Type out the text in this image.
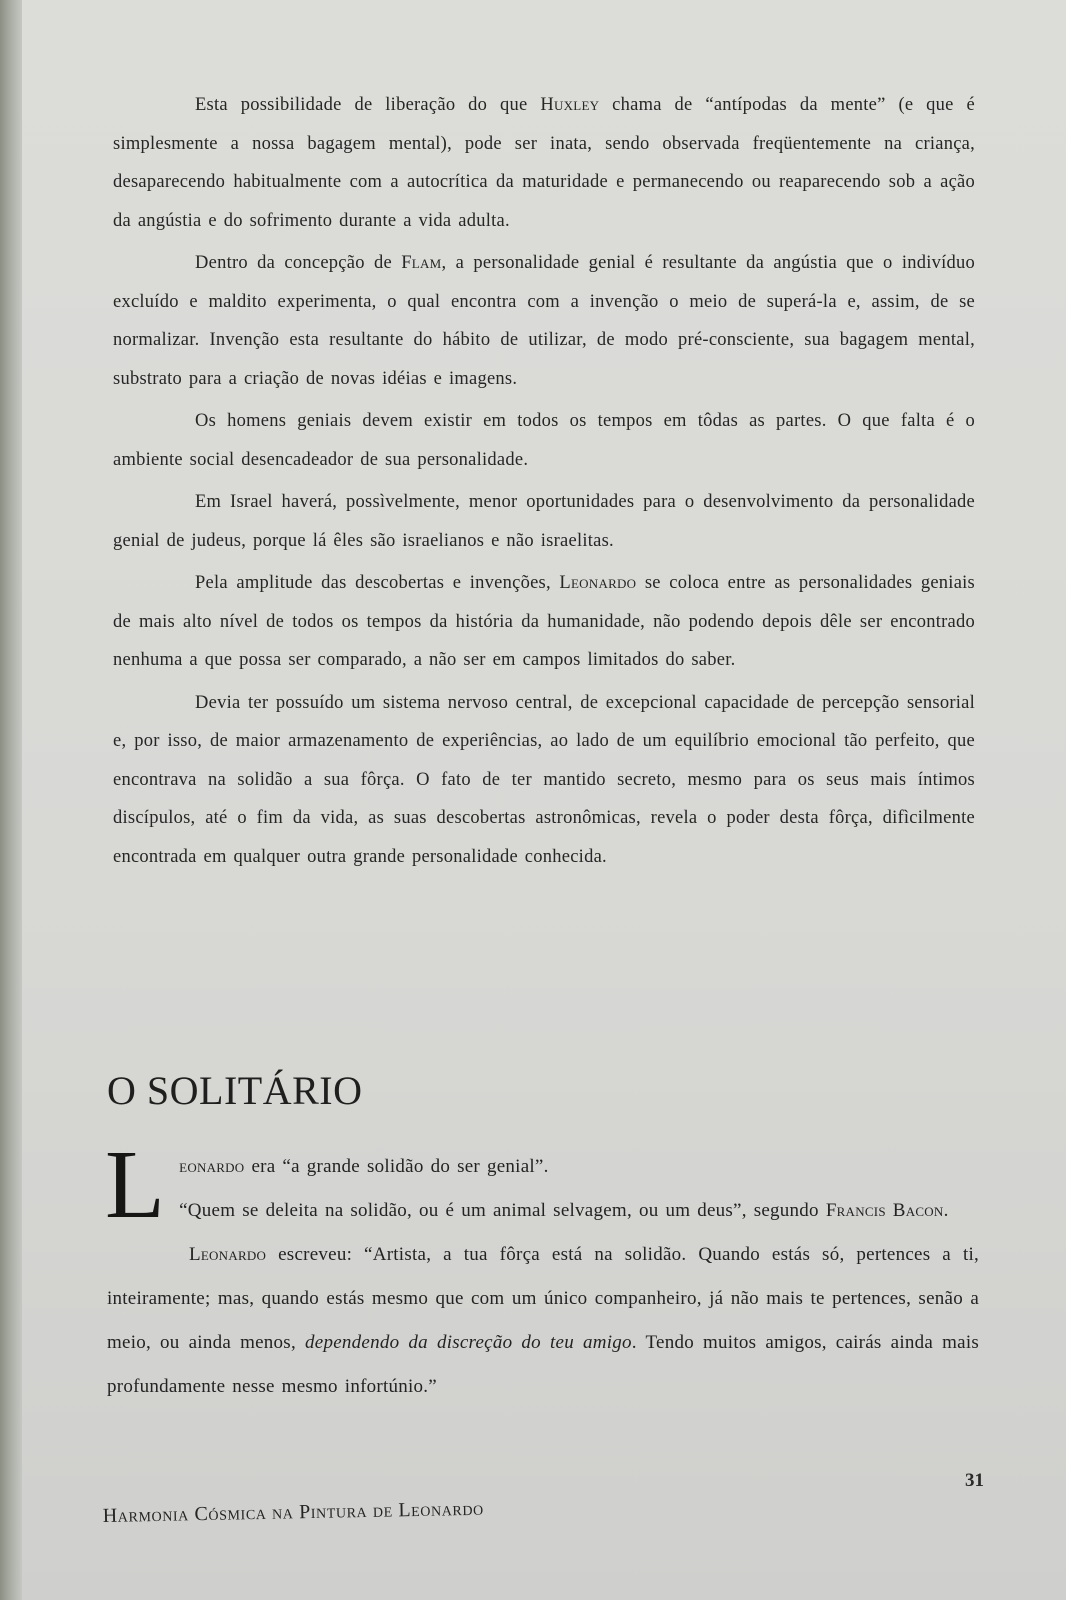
Esta possibilidade de liberação do que Huxley chama de “antípodas da mente” (e que é simplesmente a nossa bagagem mental), pode ser inata, sendo observada freqüentemente na criança, desaparecendo habitualmente com a autocrítica da maturidade e permanecendo ou reaparecendo sob a ação da angústia e do sofrimento durante a vida adulta.

Dentro da concepção de Flam, a personalidade genial é resultante da angústia que o indivíduo excluído e maldito experimenta, o qual encontra com a invenção o meio de superá-la e, assim, de se normalizar. Invenção esta resultante do hábito de utilizar, de modo pré-consciente, sua bagagem mental, substrato para a criação de novas idéias e imagens.

Os homens geniais devem existir em todos os tempos em tôdas as partes. O que falta é o ambiente social desencadeador de sua personalidade.

Em Israel haverá, possìvelmente, menor oportunidades para o desenvolvimento da personalidade genial de judeus, porque lá êles são israelianos e não israelitas.

Pela amplitude das descobertas e invenções, Leonardo se coloca entre as personalidades geniais de mais alto nível de todos os tempos da história da humanidade, não podendo depois dêle ser encontrado nenhuma a que possa ser comparado, a não ser em campos limitados do saber.

Devia ter possuído um sistema nervoso central, de excepcional capacidade de percepção sensorial e, por isso, de maior armazenamento de experiências, ao lado de um equilíbrio emocional tão perfeito, que encontrava na solidão a sua fôrça. O fato de ter mantido secreto, mesmo para os seus mais íntimos discípulos, até o fim da vida, as suas descobertas astronômicas, revela o poder desta fôrça, difìcilmente encontrada em qualquer outra grande personalidade conhecida.

O SOLITÁRIO

Leonardo era “a grande solidão do ser genial”.
“Quem se deleita na solidão, ou é um animal selvagem, ou um deus”, segundo Francis Bacon.

Leonardo escreveu: “Artista, a tua fôrça está na solidão. Quando estás só, pertences a ti, inteiramente; mas, quando estás mesmo que com um único companheiro, já não mais te pertences, senão a meio, ou ainda menos, dependendo da discreção do teu amigo. Tendo muitos amigos, cairás ainda mais profundamente nesse mesmo infortúnio.”

31
Harmonia Cósmica na Pintura de Leonardo
